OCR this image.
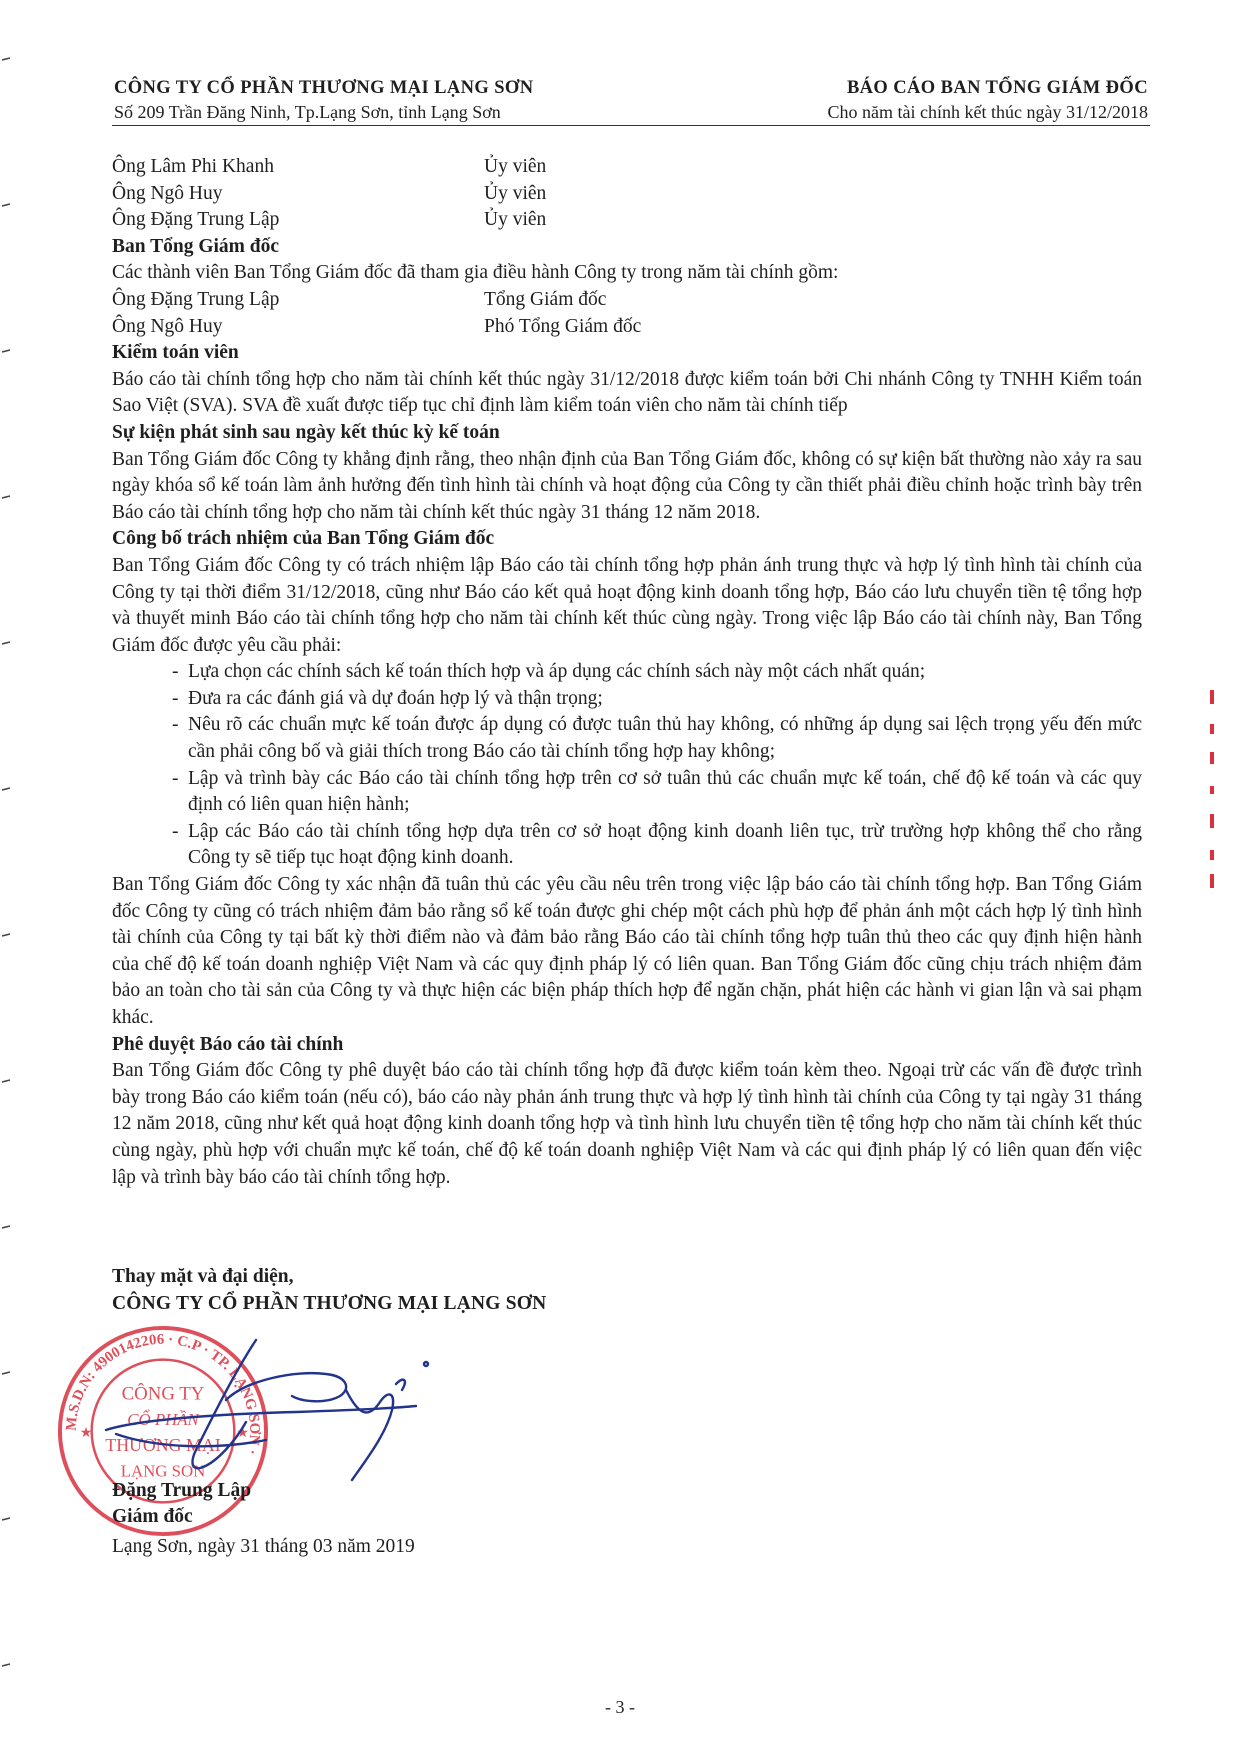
CÔNG TY CỔ PHẦN THƯƠNG MẠI LẠNG SƠN
Số 209 Trần Đăng Ninh, Tp.Lạng Sơn, tỉnh Lạng Sơn
BÁO CÁO BAN TỔNG GIÁM ĐỐC
Cho năm tài chính kết thúc ngày 31/12/2018
Ông Lâm Phi Khanh	Ủy viên
Ông Ngô Huy	Ủy viên
Ông Đặng Trung Lập	Ủy viên
Ban Tổng Giám đốc

Các thành viên Ban Tổng Giám đốc đã tham gia điều hành Công ty trong năm tài chính gồm:

Ông Đặng Trung Lập	Tổng Giám đốc
Ông Ngô Huy	Phó Tổng Giám đốc
Kiểm toán viên

Báo cáo tài chính tổng hợp cho năm tài chính kết thúc ngày 31/12/2018 được kiểm toán bởi Chi nhánh Công ty TNHH Kiểm toán Sao Việt (SVA). SVA đề xuất được tiếp tục chỉ định làm kiểm toán viên cho năm tài chính tiếp

Sự kiện phát sinh sau ngày kết thúc kỳ kế toán

Ban Tổng Giám đốc Công ty khẳng định rằng, theo nhận định của Ban Tổng Giám đốc, không có sự kiện bất thường nào xảy ra sau ngày khóa sổ kế toán làm ảnh hưởng đến tình hình tài chính và hoạt động của Công ty cần thiết phải điều chỉnh hoặc trình bày trên Báo cáo tài chính tổng hợp cho năm tài chính kết thúc ngày 31 tháng 12 năm 2018.

Công bố trách nhiệm của Ban Tổng Giám đốc

Ban Tổng Giám đốc Công ty có trách nhiệm lập Báo cáo tài chính tổng hợp phản ánh trung thực và hợp lý tình hình tài chính của Công ty tại thời điểm 31/12/2018, cũng như Báo cáo kết quả hoạt động kinh doanh tổng hợp, Báo cáo lưu chuyển tiền tệ tổng hợp và thuyết minh Báo cáo tài chính tổng hợp cho năm tài chính kết thúc cùng ngày. Trong việc lập Báo cáo tài chính này, Ban Tổng Giám đốc được yêu cầu phải:

- Lựa chọn các chính sách kế toán thích hợp và áp dụng các chính sách này một cách nhất quán;
- Đưa ra các đánh giá và dự đoán hợp lý và thận trọng;
- Nêu rõ các chuẩn mực kế toán được áp dụng có được tuân thủ hay không, có những áp dụng sai lệch trọng yếu đến mức cần phải công bố và giải thích trong Báo cáo tài chính tổng hợp hay không;
- Lập và trình bày các Báo cáo tài chính tổng hợp trên cơ sở tuân thủ các chuẩn mực kế toán, chế độ kế toán và các quy định có liên quan hiện hành;
- Lập các Báo cáo tài chính tổng hợp dựa trên cơ sở hoạt động kinh doanh liên tục, trừ trường hợp không thể cho rằng Công ty sẽ tiếp tục hoạt động kinh doanh.

Ban Tổng Giám đốc Công ty xác nhận đã tuân thủ các yêu cầu nêu trên trong việc lập báo cáo tài chính tổng hợp. Ban Tổng Giám đốc Công ty cũng có trách nhiệm đảm bảo rằng sổ kế toán được ghi chép một cách phù hợp để phản ánh một cách hợp lý tình hình tài chính của Công ty tại bất kỳ thời điểm nào và đảm bảo rằng Báo cáo tài chính tổng hợp tuân thủ theo các quy định hiện hành của chế độ kế toán doanh nghiệp Việt Nam và các quy định pháp lý có liên quan. Ban Tổng Giám đốc cũng chịu trách nhiệm đảm bảo an toàn cho tài sản của Công ty và thực hiện các biện pháp thích hợp để ngăn chặn, phát hiện các hành vi gian lận và sai phạm khác.

Phê duyệt Báo cáo tài chính

Ban Tổng Giám đốc Công ty phê duyệt báo cáo tài chính tổng hợp đã được kiểm toán kèm theo. Ngoại trừ các vấn đề được trình bày trong Báo cáo kiểm toán (nếu có), báo cáo này phản ánh trung thực và hợp lý tình hình tài chính của Công ty tại ngày 31 tháng 12 năm 2018, cũng như kết quả hoạt động kinh doanh tổng hợp và tình hình lưu chuyển tiền tệ tổng hợp cho năm tài chính kết thúc cùng ngày, phù hợp với chuẩn mực kế toán, chế độ kế toán doanh nghiệp Việt Nam và các qui định pháp lý có liên quan đến việc lập và trình bày báo cáo tài chính tổng hợp.

Thay mặt và đại diện,
CÔNG TY CỔ PHẦN THƯƠNG MẠI LẠNG SƠN
M.S.D.N: 4900142206 · C.P · TP. LẠNG SƠN ·
CÔNG TY
CỔ PHẦN
THƯƠNG MẠI
LẠNG SƠN
★	★
Đặng Trung Lập
Giám đốc
Lạng Sơn, ngày 31 tháng 03 năm 2019
- 3 -
